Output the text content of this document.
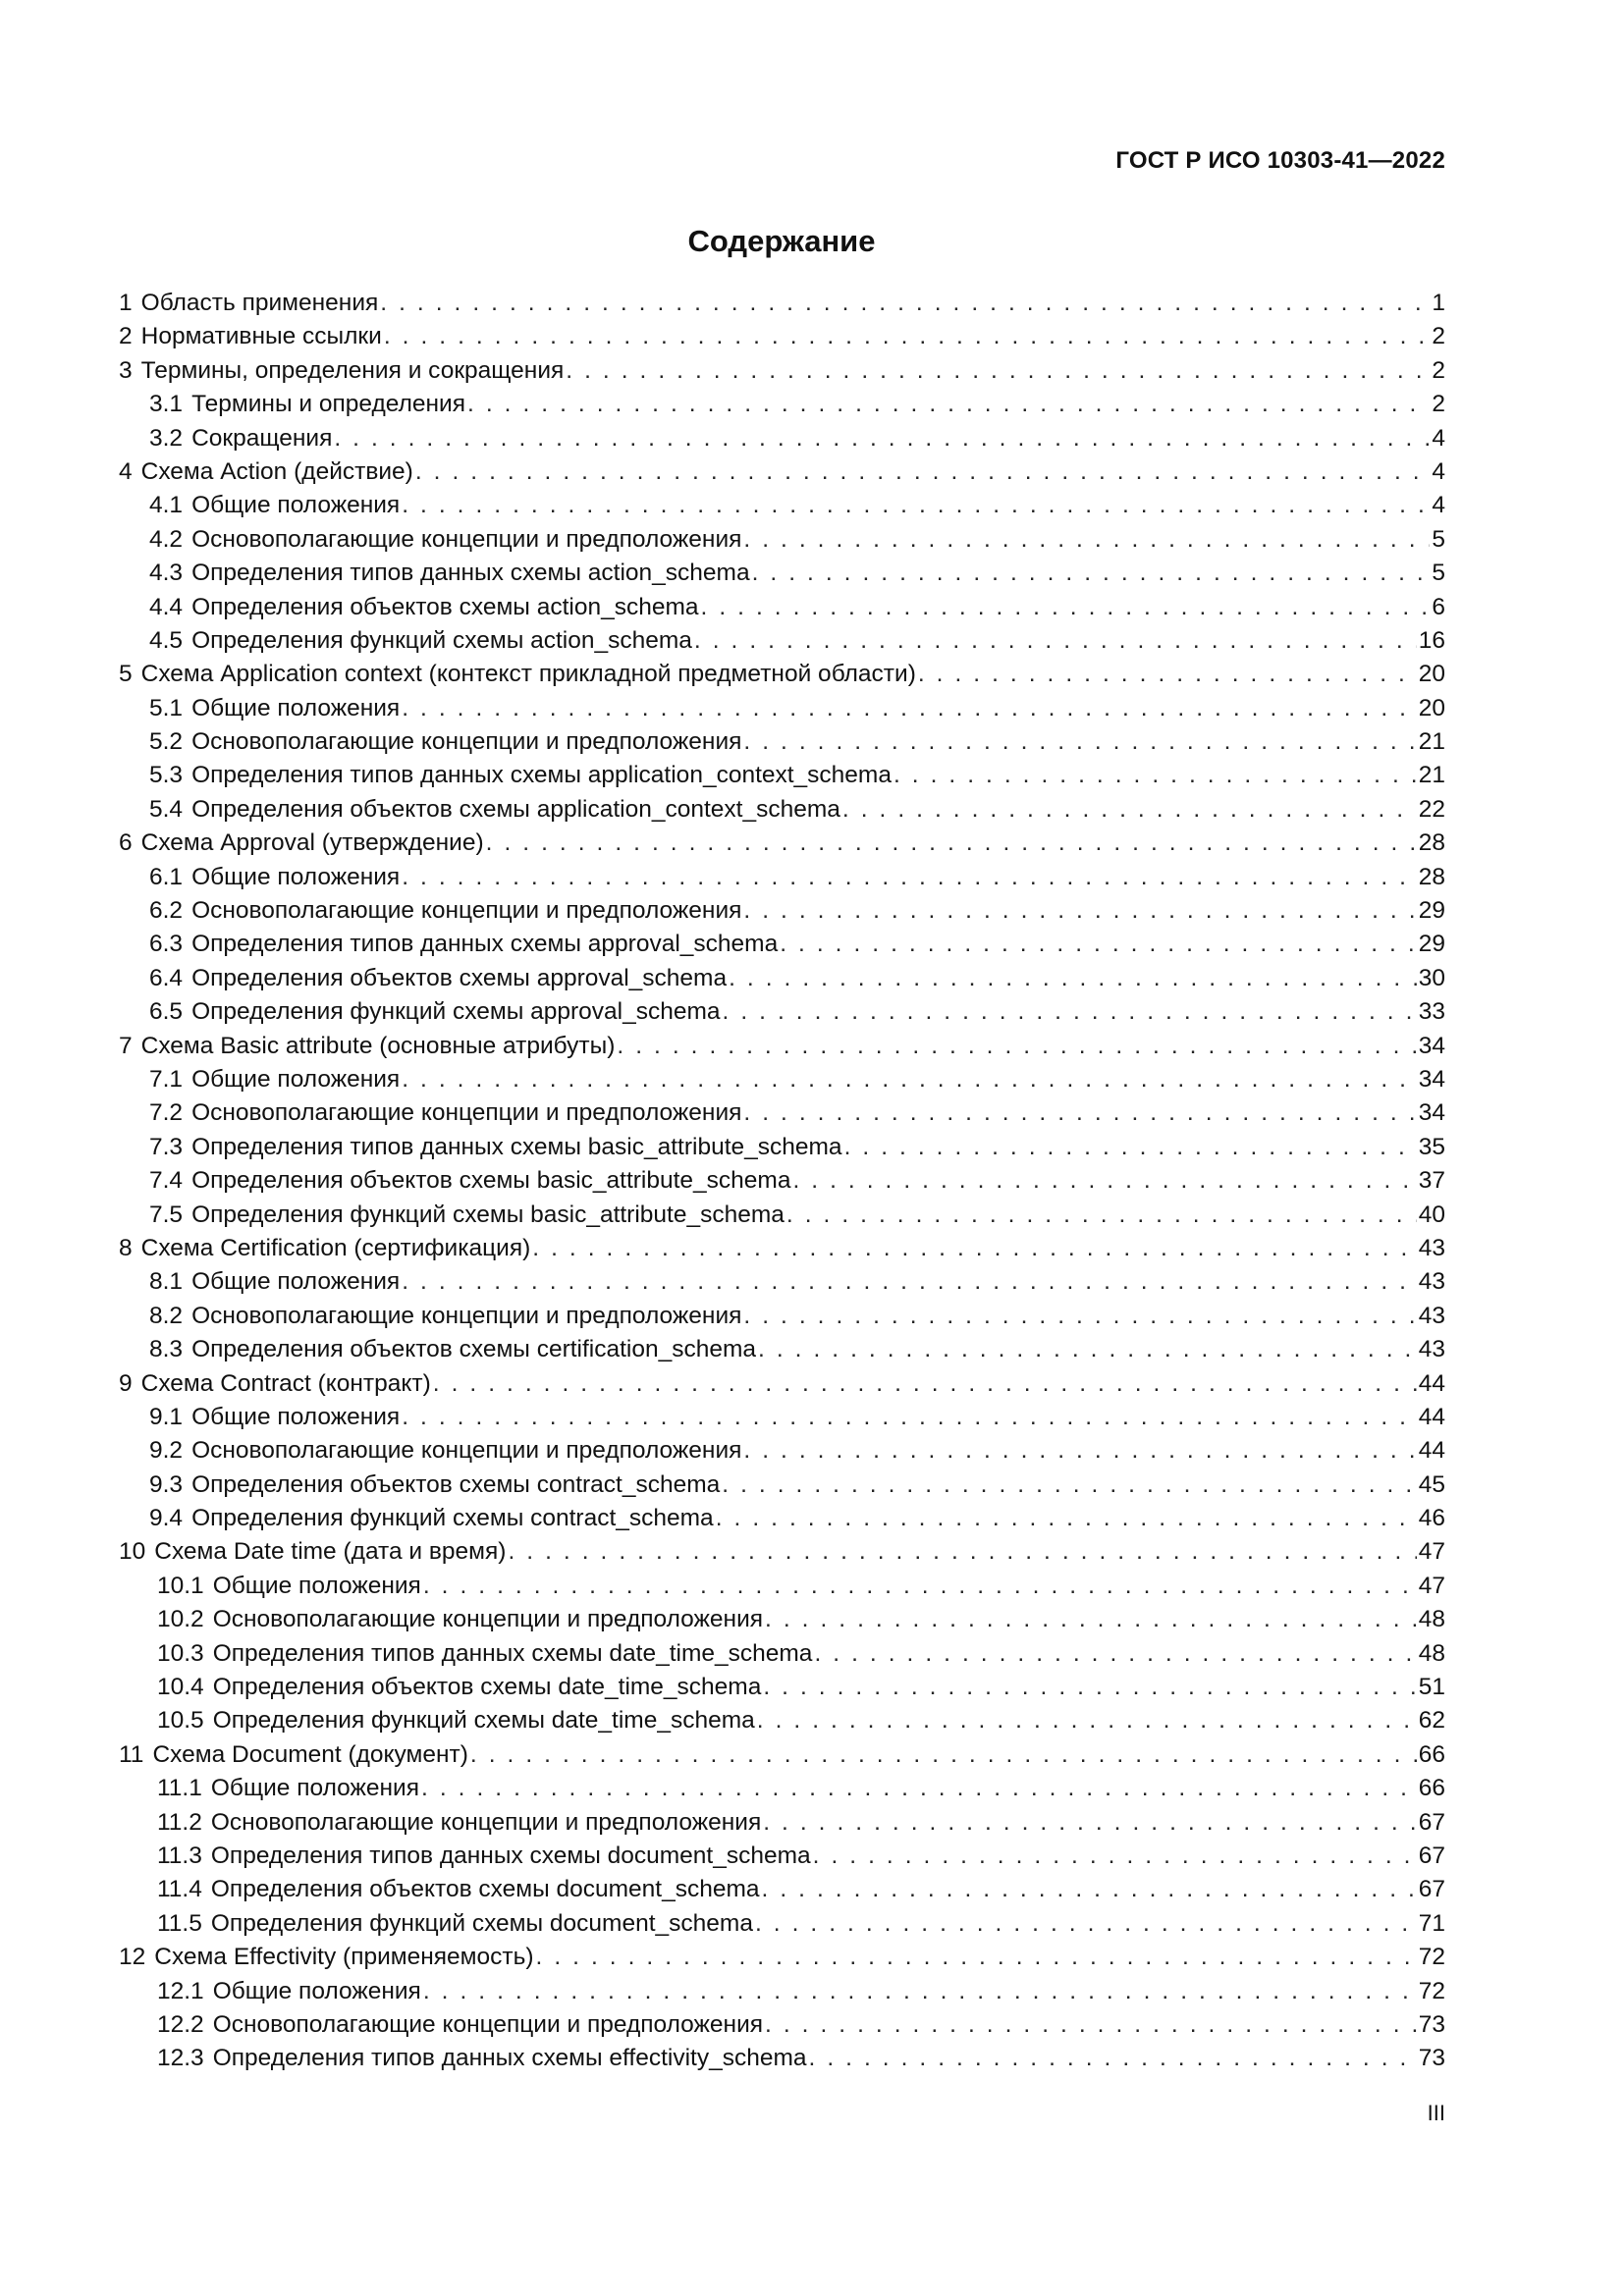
ГОСТ Р ИСО 10303-41—2022
Содержание
1 Область применения . . .	1
2 Нормативные ссылки . . .	2
3 Термины, определения и сокращения . . .	2
3.1 Термины и определения . . .	2
3.2 Сокращения . . .	4
4 Схема Action (действие) . . .	4
4.1 Общие положения . . .	4
4.2 Основополагающие концепции и предположения . . .	5
4.3 Определения типов данных схемы action_schema . . .	5
4.4 Определения объектов схемы action_schema . . .	6
4.5 Определения функций схемы action_schema . . .	16
5 Схема Application context (контекст прикладной предметной области) . . .	20
5.1 Общие положения . . .	20
5.2 Основополагающие концепции и предположения . . .	21
5.3 Определения типов данных схемы application_context_schema . . .	21
5.4 Определения объектов схемы application_context_schema . . .	22
6 Схема Approval (утверждение) . . .	28
6.1 Общие положения . . .	28
6.2 Основополагающие концепции и предположения . . .	29
6.3 Определения типов данных схемы approval_schema . . .	29
6.4 Определения объектов схемы approval_schema . . .	30
6.5 Определения функций схемы approval_schema . . .	33
7 Схема Basic attribute (основные атрибуты) . . .	34
7.1 Общие положения . . .	34
7.2 Основополагающие концепции и предположения . . .	34
7.3 Определения типов данных схемы basic_attribute_schema . . .	35
7.4 Определения объектов схемы basic_attribute_schema . . .	37
7.5 Определения функций схемы basic_attribute_schema . . .	40
8 Схема Certification (сертификация) . . .	43
8.1 Общие положения . . .	43
8.2 Основополагающие концепции и предположения . . .	43
8.3 Определения объектов схемы certification_schema . . .	43
9 Схема Contract (контракт) . . .	44
9.1 Общие положения . . .	44
9.2 Основополагающие концепции и предположения . . .	44
9.3 Определения объектов схемы contract_schema . . .	45
9.4 Определения функций схемы contract_schema . . .	46
10 Схема Date time (дата и время) . . .	47
10.1 Общие положения . . .	47
10.2 Основополагающие концепции и предположения . . .	48
10.3 Определения типов данных схемы date_time_schema . . .	48
10.4 Определения объектов схемы date_time_schema . . .	51
10.5 Определения функций схемы date_time_schema . . .	62
11 Схема Document (документ) . . .	66
11.1 Общие положения . . .	66
11.2 Основополагающие концепции и предположения . . .	67
11.3 Определения типов данных схемы document_schema . . .	67
11.4 Определения объектов схемы document_schema . . .	67
11.5 Определения функций схемы document_schema . . .	71
12 Схема Effectivity (применяемость) . . .	72
12.1 Общие положения . . .	72
12.2 Основополагающие концепции и предположения . . .	73
12.3 Определения типов данных схемы effectivity_schema . . .	73
III
